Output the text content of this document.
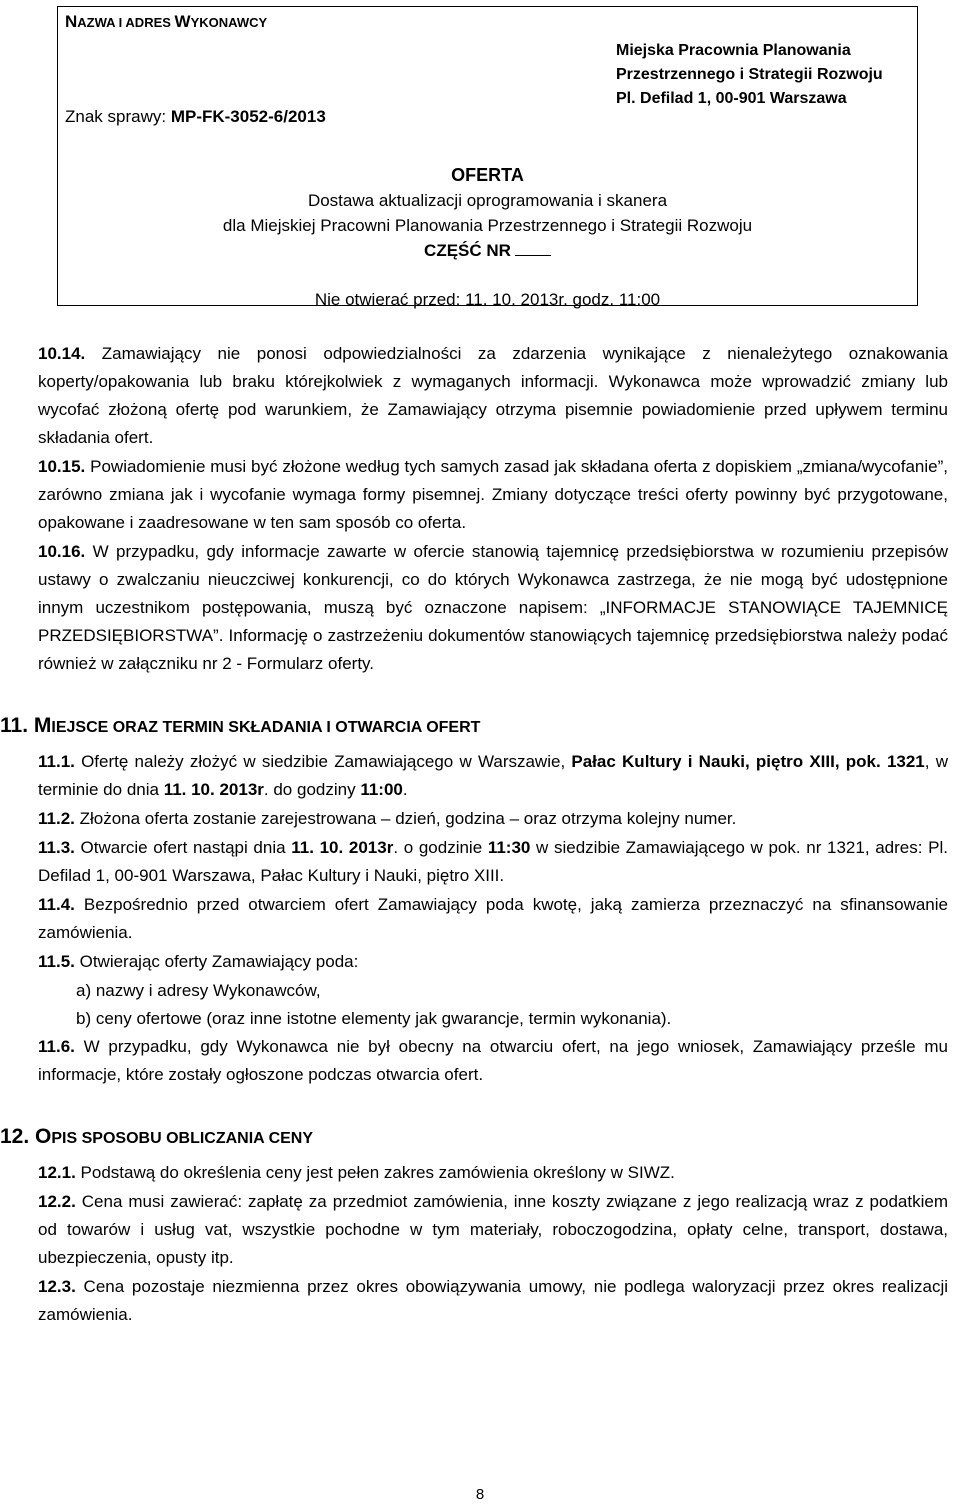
NAZWA I ADRES WYKONAWCY
Znak sprawy: MP-FK-3052-6/2013
Miejska Pracownia Planowania
Przestrzennego i Strategii Rozwoju
Pl. Defilad 1, 00-901 Warszawa
OFERTA
Dostawa aktualizacji oprogramowania i skanera
dla Miejskiej Pracowni Planowania Przestrzennego i Strategii Rozwoju
CZĘŚĆ NR
Nie otwierać przed: 11. 10. 2013r. godz. 11:00

10.14. Zamawiający nie ponosi odpowiedzialności za zdarzenia wynikające z nienależytego oznakowania koperty/opakowania lub braku którejkolwiek z wymaganych informacji. Wykonawca może wprowadzić zmiany lub wycofać złożoną ofertę pod warunkiem, że Zamawiający otrzyma pisemnie powiadomienie przed upływem terminu składania ofert.

10.15. Powiadomienie musi być złożone według tych samych zasad jak składana oferta z dopiskiem „zmiana/wycofanie”, zarówno zmiana jak i wycofanie wymaga formy pisemnej. Zmiany dotyczące treści oferty powinny być przygotowane, opakowane i zaadresowane w ten sam sposób co oferta.

10.16. W przypadku, gdy informacje zawarte w ofercie stanowią tajemnicę przedsiębiorstwa w rozumieniu przepisów ustawy o zwalczaniu nieuczciwej konkurencji, co do których Wykonawca zastrzega, że nie mogą być udostępnione innym uczestnikom postępowania, muszą być oznaczone napisem: „INFORMACJE STANOWIĄCE TAJEMNICĘ PRZEDSIĘBIORSTWA”. Informację o zastrzeżeniu dokumentów stanowiących tajemnicę przedsiębiorstwa należy podać również w załączniku nr 2 - Formularz oferty.

11. MIEJSCE ORAZ TERMIN SKŁADANIA I OTWARCIA OFERT

11.1. Ofertę należy złożyć w siedzibie Zamawiającego w Warszawie, Pałac Kultury i Nauki, piętro XIII, pok. 1321, w terminie do dnia 11. 10. 2013r. do godziny 11:00.

11.2. Złożona oferta zostanie zarejestrowana – dzień, godzina – oraz otrzyma kolejny numer.

11.3. Otwarcie ofert nastąpi dnia 11. 10. 2013r. o godzinie 11:30 w siedzibie Zamawiającego w pok. nr 1321, adres: Pl. Defilad 1, 00-901 Warszawa, Pałac Kultury i Nauki, piętro XIII.

11.4. Bezpośrednio przed otwarciem ofert Zamawiający poda kwotę, jaką zamierza przeznaczyć na sfinansowanie zamówienia.

11.5. Otwierając oferty Zamawiający poda:

a) nazwy i adresy Wykonawców,

b) ceny ofertowe (oraz inne istotne elementy jak gwarancje, termin wykonania).

11.6. W przypadku, gdy Wykonawca nie był obecny na otwarciu ofert, na jego wniosek, Zamawiający prześle mu informacje, które zostały ogłoszone podczas otwarcia ofert.

12. OPIS SPOSOBU OBLICZANIA CENY

12.1. Podstawą do określenia ceny jest pełen zakres zamówienia określony w SIWZ.

12.2. Cena musi zawierać: zapłatę za przedmiot zamówienia, inne koszty związane z jego realizacją wraz z podatkiem od towarów i usług vat, wszystkie pochodne w tym materiały, roboczogodzina, opłaty celne, transport, dostawa, ubezpieczenia, opusty itp.

12.3. Cena pozostaje niezmienna przez okres obowiązywania umowy, nie podlega waloryzacji przez okres realizacji zamówienia.

8
